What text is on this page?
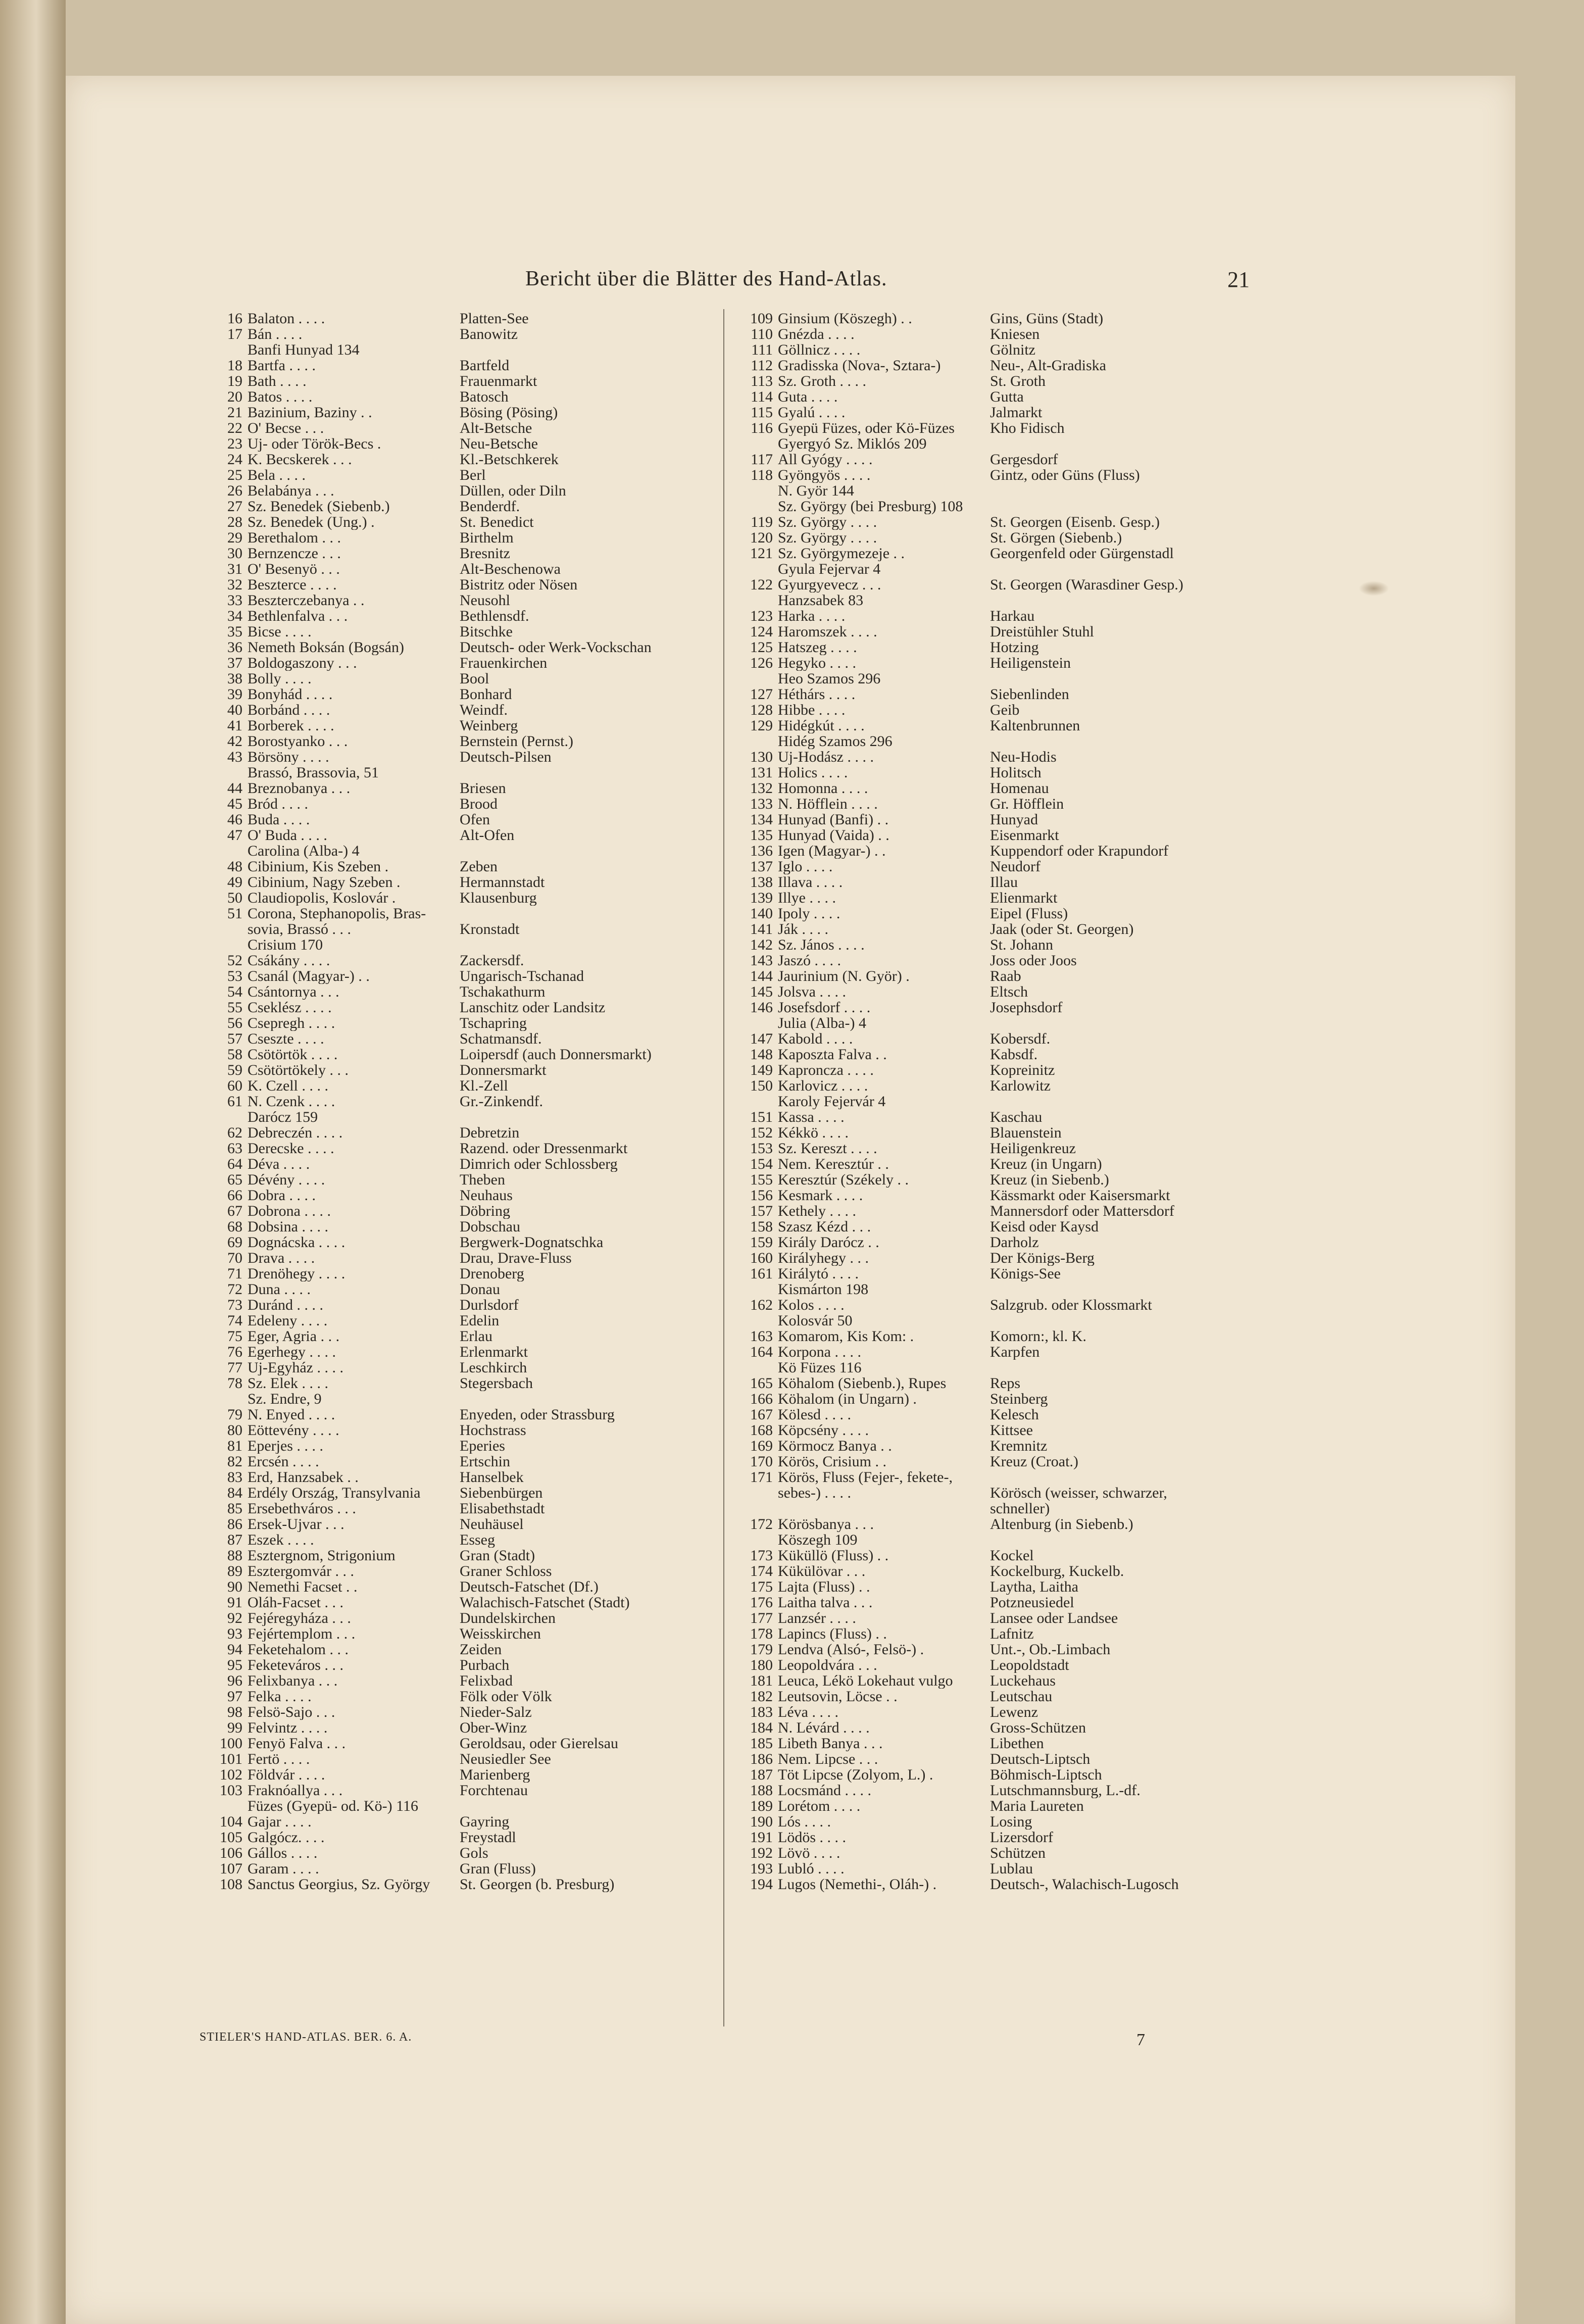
Bericht über die Blätter des Hand-Atlas.	21
16 Balaton . . . .	Platten-See
17 Bán . . . .	Banowitz
Banfi Hunyad 134
18 Bartfa . . . .	Bartfeld
19 Bath . . . .	Frauenmarkt
20 Batos . . . .	Batosch
21 Bazinium, Baziny . .	Bösing (Pösing)
22 O' Becse . . .	Alt-Betsche
23 Uj- oder Török-Becs .	Neu-Betsche
24 K. Becskerek . . .	Kl.-Betschkerek
25 Bela . . . .	Berl
26 Belabánya . . .	Düllen, oder Diln
27 Sz. Benedek (Siebenb.)	Benderdf.
28 Sz. Benedek (Ung.) .	St. Benedict
29 Berethalom . . .	Birthelm
30 Bernzencze . . .	Bresnitz
31 O' Besenyö . . .	Alt-Beschenowa
32 Beszterce . . . .	Bistritz oder Nösen
33 Beszterczebanya . .	Neusohl
34 Bethlenfalva . . .	Bethlensdf.
35 Bicse . . . .	Bitschke
36 Nemeth Boksán (Bogsán)	Deutsch- oder Werk-Vockschan
37 Boldogaszony . . .	Frauenkirchen
38 Bolly . . . .	Bool
39 Bonyhád . . . .	Bonhard
40 Borbánd . . . .	Weindf.
41 Borberek . . . .	Weinberg
42 Borostyanko . . .	Bernstein (Pernst.)
43 Börsöny . . . .	Deutsch-Pilsen
Brassó, Brassovia, 51
44 Breznobanya . . .	Briesen
45 Bród . . . .	Brood
46 Buda . . . .	Ofen
47 O' Buda . . . .	Alt-Ofen
Carolina (Alba-) 4
48 Cibinium, Kis Szeben .	Zeben
49 Cibinium, Nagy Szeben .	Hermannstadt
50 Claudiopolis, Koslovár .	Klausenburg
51 Corona, Stephanopolis, Bras-
sovia, Brassó . . .	Kronstadt
Crisium 170
52 Csákány . . . .	Zackersdf.
53 Csanál (Magyar-) . .	Ungarisch-Tschanad
54 Csántornya . . .	Tschakathurm
55 Cseklész . . . .	Lanschitz oder Landsitz
56 Csepregh . . . .	Tschapring
57 Cseszte . . . .	Schatmansdf.
58 Csötörtök . . . .	Loipersdf (auch Donnersmarkt)
59 Csötörtökely . . .	Donnersmarkt
60 K. Czell . . . .	Kl.-Zell
61 N. Czenk . . . .	Gr.-Zinkendf.
Darócz 159
62 Debreczén . . . .	Debretzin
63 Derecske . . . .	Razend. oder Dressenmarkt
64 Déva . . . .	Dimrich oder Schlossberg
65 Dévény . . . .	Theben
66 Dobra . . . .	Neuhaus
67 Dobrona . . . .	Döbring
68 Dobsina . . . .	Dobschau
69 Dognácska . . . .	Bergwerk-Dognatschka
70 Drava . . . .	Drau, Drave-Fluss
71 Drenöhegy . . . .	Drenoberg
72 Duna . . . .	Donau
73 Duránd . . . .	Durlsdorf
74 Edeleny . . . .	Edelin
75 Eger, Agria . . .	Erlau
76 Egerhegy . . . .	Erlenmarkt
77 Uj-Egyház . . . .	Leschkirch
78 Sz. Elek . . . .	Stegersbach
Sz. Endre, 9
79 N. Enyed . . . .	Enyeden, oder Strassburg
80 Eöttevény . . . .	Hochstrass
81 Eperjes . . . .	Eperies
82 Ercsén . . . .	Ertschin
83 Erd, Hanzsabek . .	Hanselbek
84 Erdély Ország, Transylvania	Siebenbürgen
85 Ersebethváros . . .	Elisabethstadt
86 Ersek-Ujvar . . .	Neuhäusel
87 Eszek . . . .	Esseg
88 Esztergnom, Strigonium	Gran (Stadt)
89 Esztergomvár . . .	Graner Schloss
90 Nemethi Facset . .	Deutsch-Fatschet (Df.)
91 Oláh-Facset . . .	Walachisch-Fatschet (Stadt)
92 Fejéregyháza . . .	Dundelskirchen
93 Fejértemplom . . .	Weisskirchen
94 Feketehalom . . .	Zeiden
95 Feketeváros . . .	Purbach
96 Felixbanya . . .	Felixbad
97 Felka . . . .	Fölk oder Völk
98 Felsö-Sajo . . .	Nieder-Salz
99 Felvintz . . . .	Ober-Winz
100 Fenyö Falva . . .	Geroldsau, oder Gierelsau
101 Fertö . . . .	Neusiedler See
102 Földvár . . . .	Marienberg
103 Fraknóallya . . .	Forchtenau
Füzes (Gyepü- od. Kö-) 116
104 Gajar . . . .	Gayring
105 Galgócz. . . .	Freystadl
106 Gállos . . . .	Gols
107 Garam . . . .	Gran (Fluss)
108 Sanctus Georgius, Sz. György	St. Georgen (b. Presburg)
109 Ginsium (Köszegh) . .	Gins, Güns (Stadt)
110 Gnézda . . . .	Kniesen
111 Göllnicz . . . .	Gölnitz
112 Gradisska (Nova-, Sztara-)	Neu-, Alt-Gradiska
113 Sz. Groth . . . .	St. Groth
114 Guta . . . .	Gutta
115 Gyalú . . . .	Jalmarkt
116 Gyepü Füzes, oder Kö-Füzes	Kho Fidisch
Gyergyó Sz. Miklós 209
117 All Gyógy . . . .	Gergesdorf
118 Gyöngyös . . . .	Gintz, oder Güns (Fluss)
N. Györ 144
Sz. György (bei Presburg) 108
119 Sz. György . . . .	St. Georgen (Eisenb. Gesp.)
120 Sz. György . . . .	St. Görgen (Siebenb.)
121 Sz. Györgymezeje . .	Georgenfeld oder Gürgenstadl
Gyula Fejervar 4
122 Gyurgyevecz . . .	St. Georgen (Warasdiner Gesp.)
Hanzsabek 83
123 Harka . . . .	Harkau
124 Haromszek . . . .	Dreistühler Stuhl
125 Hatszeg . . . .	Hotzing
126 Hegyko . . . .	Heiligenstein
Heo Szamos 296
127 Héthárs . . . .	Siebenlinden
128 Hibbe . . . .	Geib
129 Hidégkút . . . .	Kaltenbrunnen
Hidég Szamos 296
130 Uj-Hodász . . . .	Neu-Hodis
131 Holics . . . .	Holitsch
132 Homonna . . . .	Homenau
133 N. Höfflein . . . .	Gr. Höfflein
134 Hunyad (Banfi) . .	Hunyad
135 Hunyad (Vaida) . .	Eisenmarkt
136 Igen (Magyar-) . .	Kuppendorf oder Krapundorf
137 Iglo . . . .	Neudorf
138 Illava . . . .	Illau
139 Illye . . . .	Elienmarkt
140 Ipoly . . . .	Eipel (Fluss)
141 Ják . . . .	Jaak (oder St. Georgen)
142 Sz. János . . . .	St. Johann
143 Jaszó . . . .	Joss oder Joos
144 Jaurinium (N. Györ) .	Raab
145 Jolsva . . . .	Eltsch
146 Josefsdorf . . . .	Josephsdorf
Julia (Alba-) 4
147 Kabold . . . .	Kobersdf.
148 Kaposzta Falva . .	Kabsdf.
149 Kapronсza . . . .	Kopreinitz
150 Karlovicz . . . .	Karlowitz
Karoly Fejervár 4
151 Kassa . . . .	Kaschau
152 Kékkö . . . .	Blauenstein
153 Sz. Kereszt . . . .	Heiligenkreuz
154 Nem. Keresztúr . .	Kreuz (in Ungarn)
155 Keresztúr (Székely . .	Kreuz (in Siebenb.)
156 Kesmark . . . .	Kässmarkt oder Kaisersmarkt
157 Kethely . . . .	Mannersdorf oder Mattersdorf
158 Szasz Kézd . . .	Keisd oder Kaysd
159 Király Darócz . .	Darholz
160 Királyhegy . . .	Der Königs-Berg
161 Királytó . . . .	Königs-See
Kismárton 198
162 Kolos . . . .	Salzgrub. oder Klossmarkt
Kolosvár 50
163 Komarom, Kis Kom: .	Komorn:, kl. K.
164 Korpona . . . .	Karpfen
Kö Füzes 116
165 Köhalom (Siebenb.), Rupes	Reps
166 Köhalom (in Ungarn) .	Steinberg
167 Kölesd . . . .	Kelesch
168 Köpcsény . . . .	Kittsee
169 Körmocz Banya . .	Kremnitz
170 Körös, Crisium . .	Kreuz (Croat.)
171 Körös, Fluss (Fejer-, fekete-,
sebes-) . . . .	Körösch (weisser, schwarzer,
schneller)
172 Körösbanya . . .	Altenburg (in Siebenb.)
Köszegh 109
173 Küküllö (Fluss) . .	Kockel
174 Kükülövar . . .	Kockelburg, Kuckelb.
175 Lajta (Fluss) . .	Laytha, Laitha
176 Laitha talva . . .	Potzneusiedel
177 Lanzsér . . . .	Lansee oder Landsee
178 Lapincs (Fluss) . .	Lafnitz
179 Lendva (Alsó-, Felsö-) .	Unt.-, Ob.-Limbach
180 Leopoldvára . . .	Leopoldstadt
181 Leuca, Lékö Lokehaut vulgo	Luckehaus
182 Leutsovin, Löcse . .	Leutschau
183 Léva . . . .	Lewenz
184 N. Lévárd . . . .	Gross-Schützen
185 Libeth Banya . . .	Libethen
186 Nem. Lipcse . . .	Deutsch-Liptsch
187 Töt Lipcse (Zolyom, L.) .	Böhmisch-Liptsch
188 Locsmánd . . . .	Lutschmannsburg, L.-df.
189 Lorétom . . . .	Maria Laureten
190 Lós . . . .	Losing
191 Lödös . . . .	Lizersdorf
192 Lövö . . . .	Schützen
193 Lubló . . . .	Lublau
194 Lugos (Nemethi-, Oláh-) .	Deutsch-, Walachisch-Lugosch
STIELER'S HAND-ATLAS. BER. 6. A.	7
